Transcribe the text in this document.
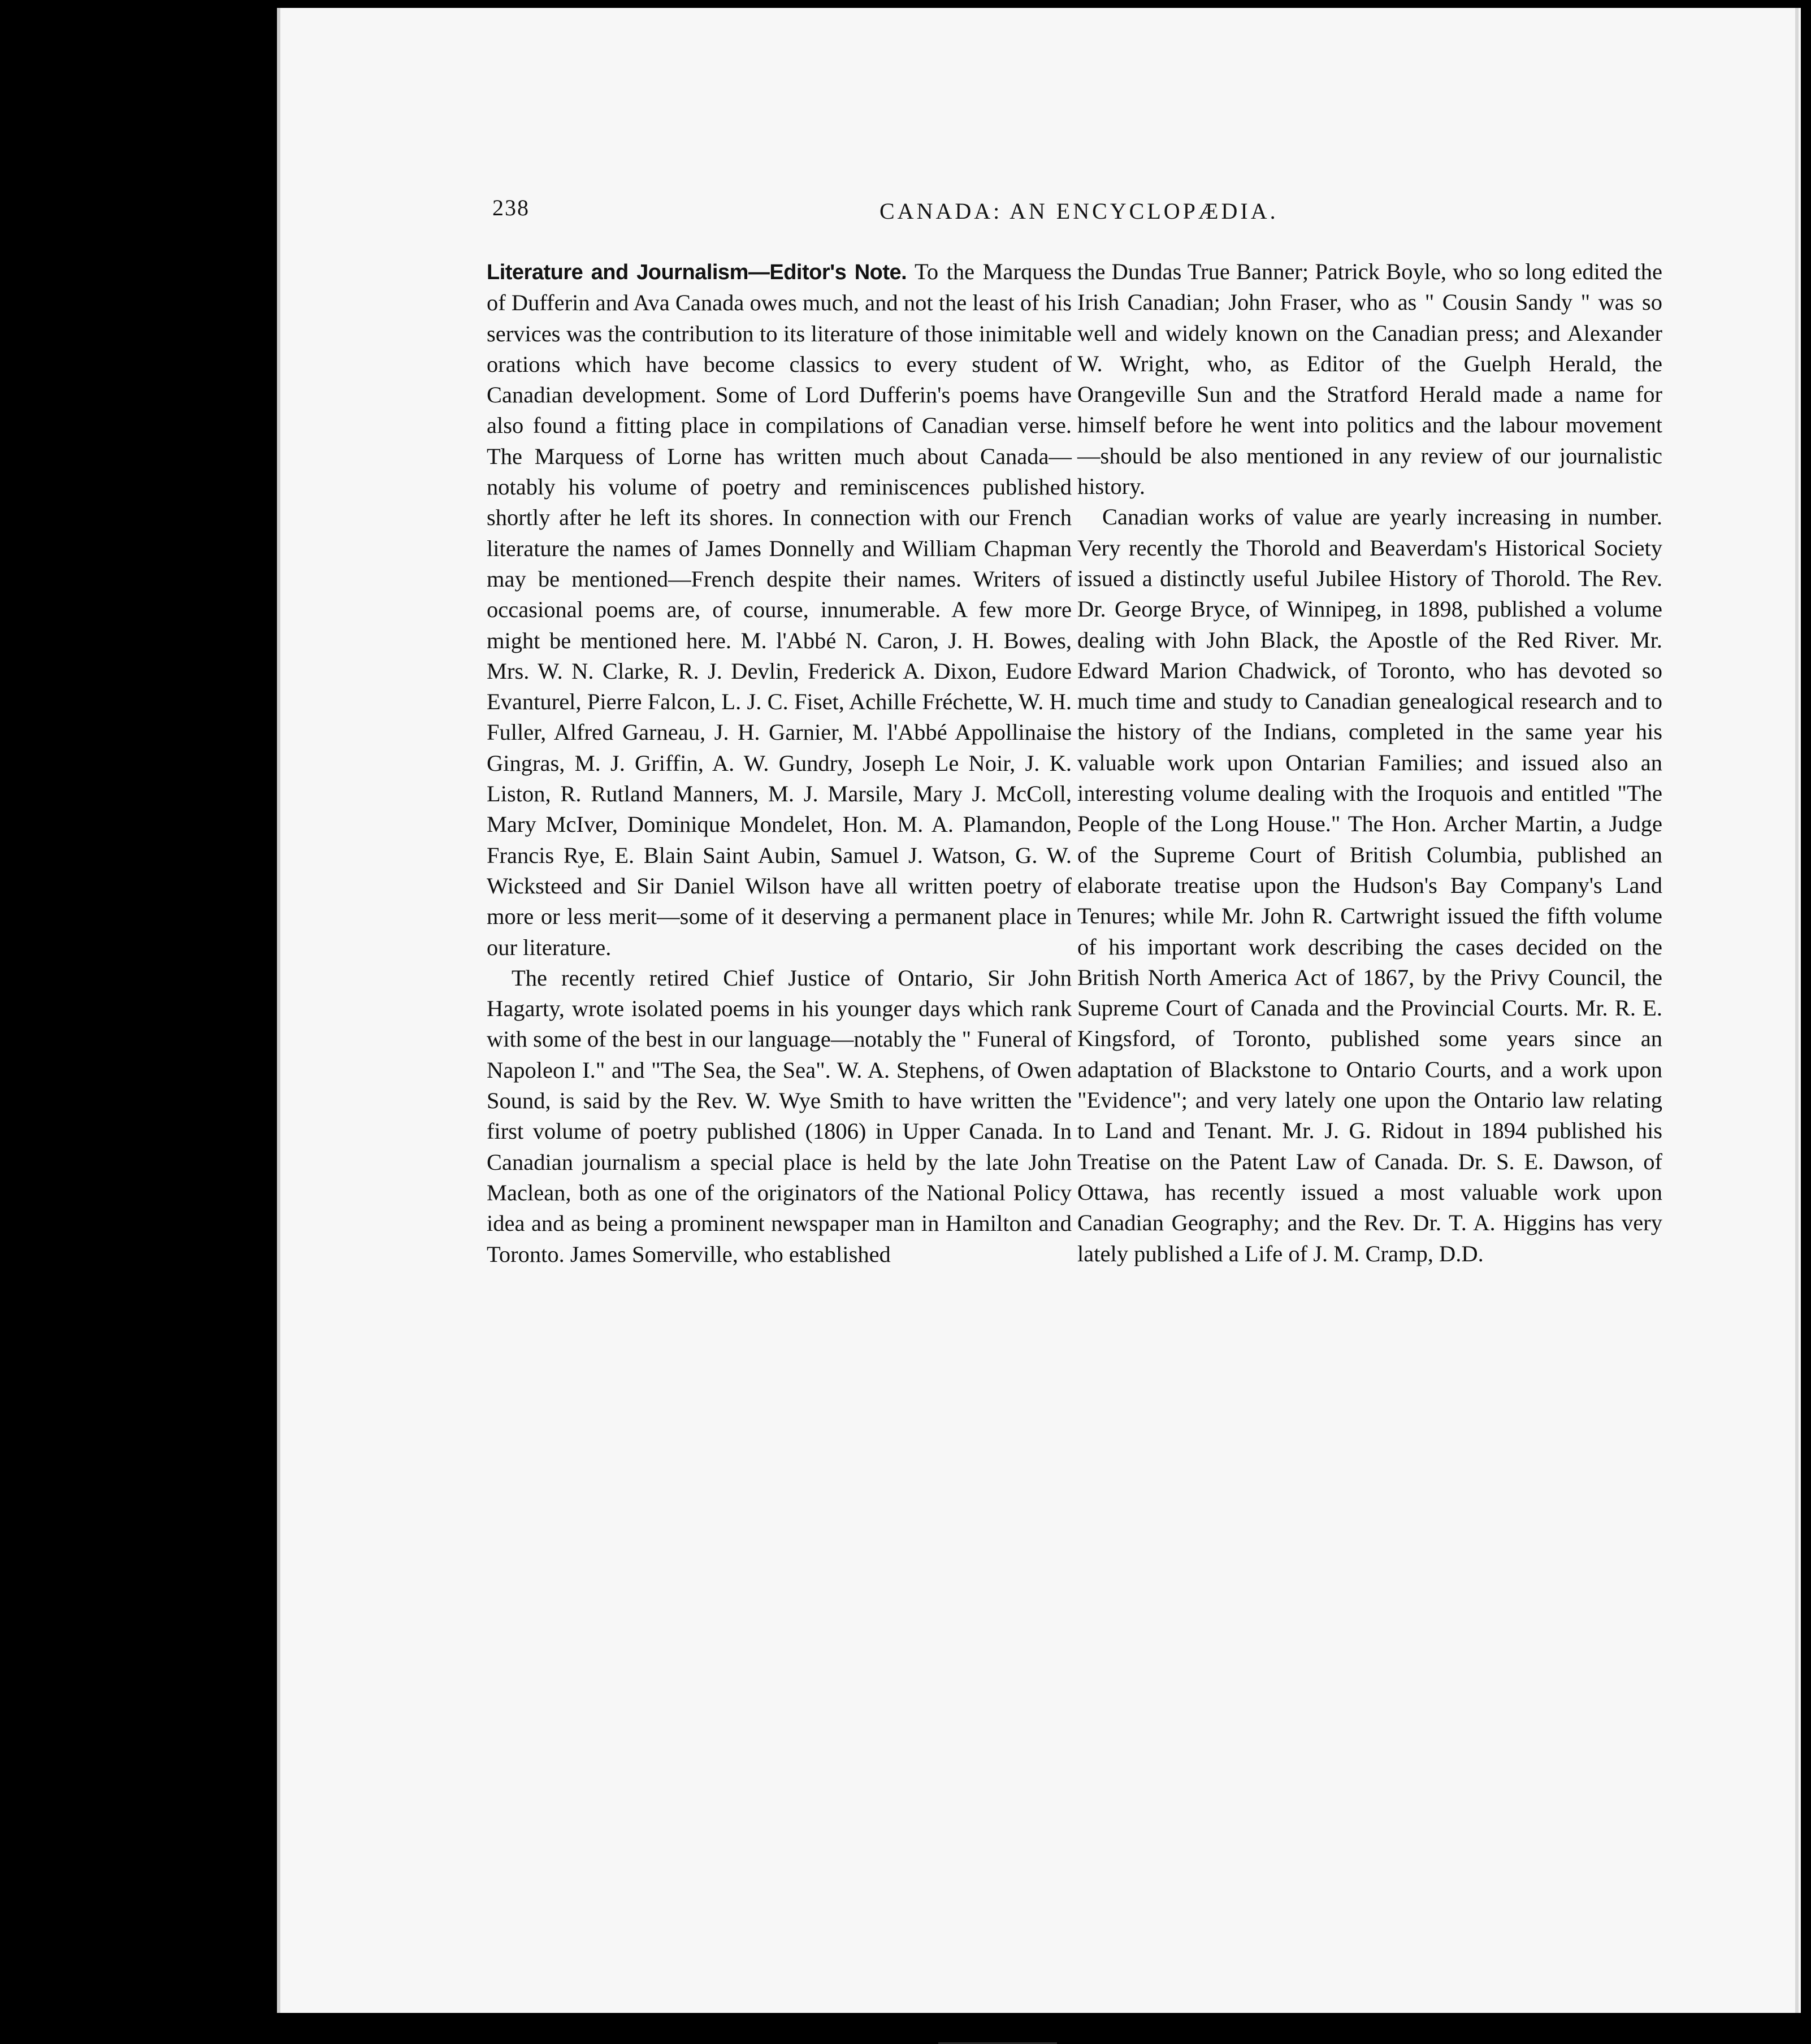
238	CANADA: AN ENCYCLOPÆDIA.

Literature and Journalism—Editor's Note. To the Marquess of Dufferin and Ava Canada owes much, and not the least of his services was the contribution to its literature of those inimitable orations which have become classics to every student of Canadian development. Some of Lord Dufferin's poems have also found a fitting place in compilations of Canadian verse. The Marquess of Lorne has written much about Canada—notably his volume of poetry and reminiscences published shortly after he left its shores. In connection with our French literature the names of James Donnelly and William Chapman may be mentioned—French despite their names. Writers of occasional poems are, of course, innumerable. A few more might be mentioned here. M. l'Abbé N. Caron, J. H. Bowes, Mrs. W. N. Clarke, R. J. Devlin, Frederick A. Dixon, Eudore Evanturel, Pierre Falcon, L. J. C. Fiset, Achille Fréchette, W. H. Fuller, Alfred Garneau, J. H. Garnier, M. l'Abbé Appollinaise Gingras, M. J. Griffin, A. W. Gundry, Joseph Le Noir, J. K. Liston, R. Rutland Manners, M. J. Marsile, Mary J. McColl, Mary McIver, Dominique Mondelet, Hon. M. A. Plamandon, Francis Rye, E. Blain Saint Aubin, Samuel J. Watson, G. W. Wicksteed and Sir Daniel Wilson have all written poetry of more or less merit—some of it deserving a permanent place in our literature.

The recently retired Chief Justice of Ontario, Sir John Hagarty, wrote isolated poems in his younger days which rank with some of the best in our language—notably the " Funeral of Napoleon I." and "The Sea, the Sea". W. A. Stephens, of Owen Sound, is said by the Rev. W. Wye Smith to have written the first volume of poetry published (1806) in Upper Canada. In Canadian journalism a special place is held by the late John Maclean, both as one of the originators of the National Policy idea and as being a prominent newspaper man in Hamilton and Toronto. James Somerville, who established

the Dundas True Banner; Patrick Boyle, who so long edited the Irish Canadian; John Fraser, who as " Cousin Sandy " was so well and widely known on the Canadian press; and Alexander W. Wright, who, as Editor of the Guelph Herald, the Orangeville Sun and the Stratford Herald made a name for himself before he went into politics and the labour movement—should be also mentioned in any review of our journalistic history.

Canadian works of value are yearly increasing in number. Very recently the Thorold and Beaverdam's Historical Society issued a distinctly useful Jubilee History of Thorold. The Rev. Dr. George Bryce, of Winnipeg, in 1898, published a volume dealing with John Black, the Apostle of the Red River. Mr. Edward Marion Chadwick, of Toronto, who has devoted so much time and study to Canadian genealogical research and to the history of the Indians, completed in the same year his valuable work upon Ontarian Families; and issued also an interesting volume dealing with the Iroquois and entitled "The People of the Long House." The Hon. Archer Martin, a Judge of the Supreme Court of British Columbia, published an elaborate treatise upon the Hudson's Bay Company's Land Tenures; while Mr. John R. Cartwright issued the fifth volume of his important work describing the cases decided on the British North America Act of 1867, by the Privy Council, the Supreme Court of Canada and the Provincial Courts. Mr. R. E. Kingsford, of Toronto, published some years since an adaptation of Blackstone to Ontario Courts, and a work upon "Evidence"; and very lately one upon the Ontario law relating to Land and Tenant. Mr. J. G. Ridout in 1894 published his Treatise on the Patent Law of Canada. Dr. S. E. Dawson, of Ottawa, has recently issued a most valuable work upon Canadian Geography; and the Rev. Dr. T. A. Higgins has very lately published a Life of J. M. Cramp, D.D.
